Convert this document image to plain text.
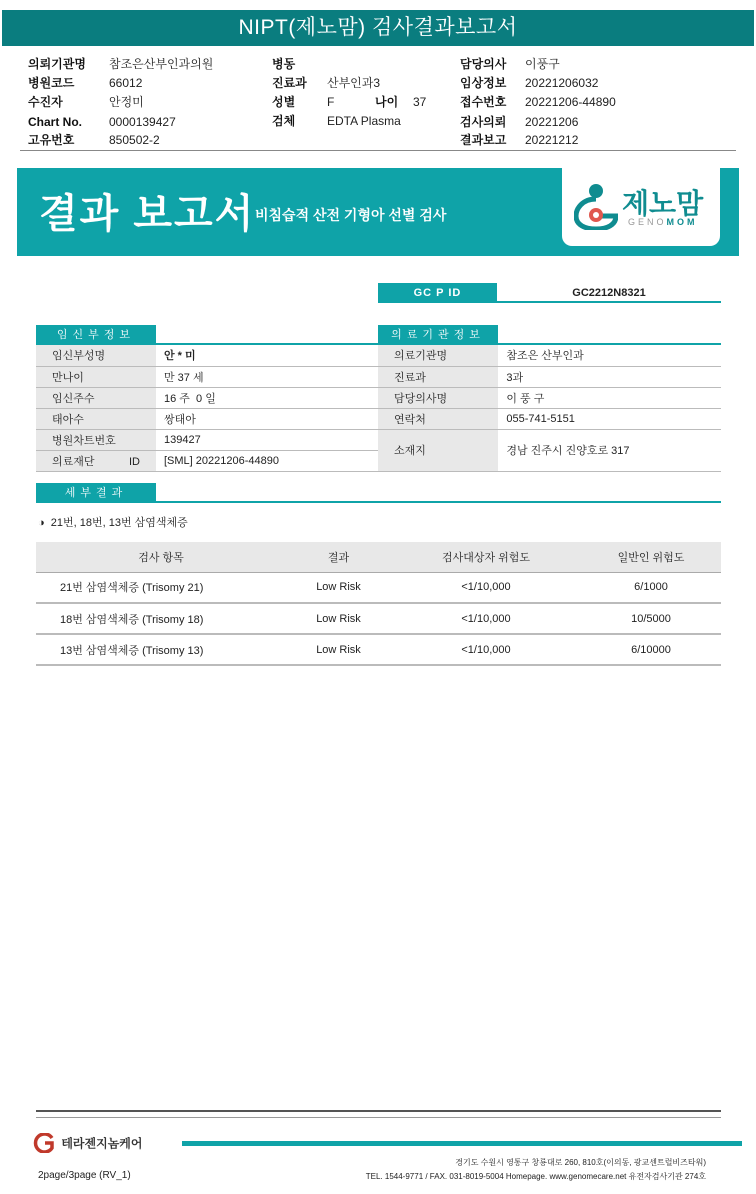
NIPT(제노맘) 검사결과보고서
의뢰기관명 참조은산부인과의원
병원코드	66012
수진자	안정미
Chart No. 0000139427
고유번호	850502-2
병동
진료과 산부인과3
성별	F	나이 37
검체	EDTA Plasma
담당의사 이풍구
임상정보 20221206032
접수번호 20221206-44890
검사의뢰 20221206
결과보고 20221212
결과 보고서 비침습적 산전 기형아 선별 검사	제노맘
GENOMOM
GC P ID	GC2212N8321
임신부정보
임신부성명	안 * 미
만나이	만 37 세
임신주수	16 주  0 일
태아수	쌍태아
병원차트번호	139427
의료재단 ID	[SML] 20221206-44890
의료기관정보
의료기관명	참조은 산부인과
진료과	3과
담당의사명	이 풍 구
연락처	055-741-5151
소재지	경남 진주시 진양호로 317
세부결과
◑ 21번, 18번, 13번 삼염색체증
검사 항목	결과	검사대상자 위험도	일반인 위험도
21번 삼염색체증 (Trisomy 21)	Low Risk	<1/10,000	6/1000
18번 삼염색체증 (Trisomy 18)	Low Risk	<1/10,000	10/5000
13번 삼염색체증 (Trisomy 13)	Low Risk	<1/10,000	6/10000
테라젠지놈케어
경기도 수원시 영통구 창룡대로 260, 810호(이의동, 광교센트럴비즈타워)
TEL. 1544-9771 / FAX. 031-8019-5004 Homepage. www.genomecare.net 유전자검사기관 274호
2page/3page (RV_1)
